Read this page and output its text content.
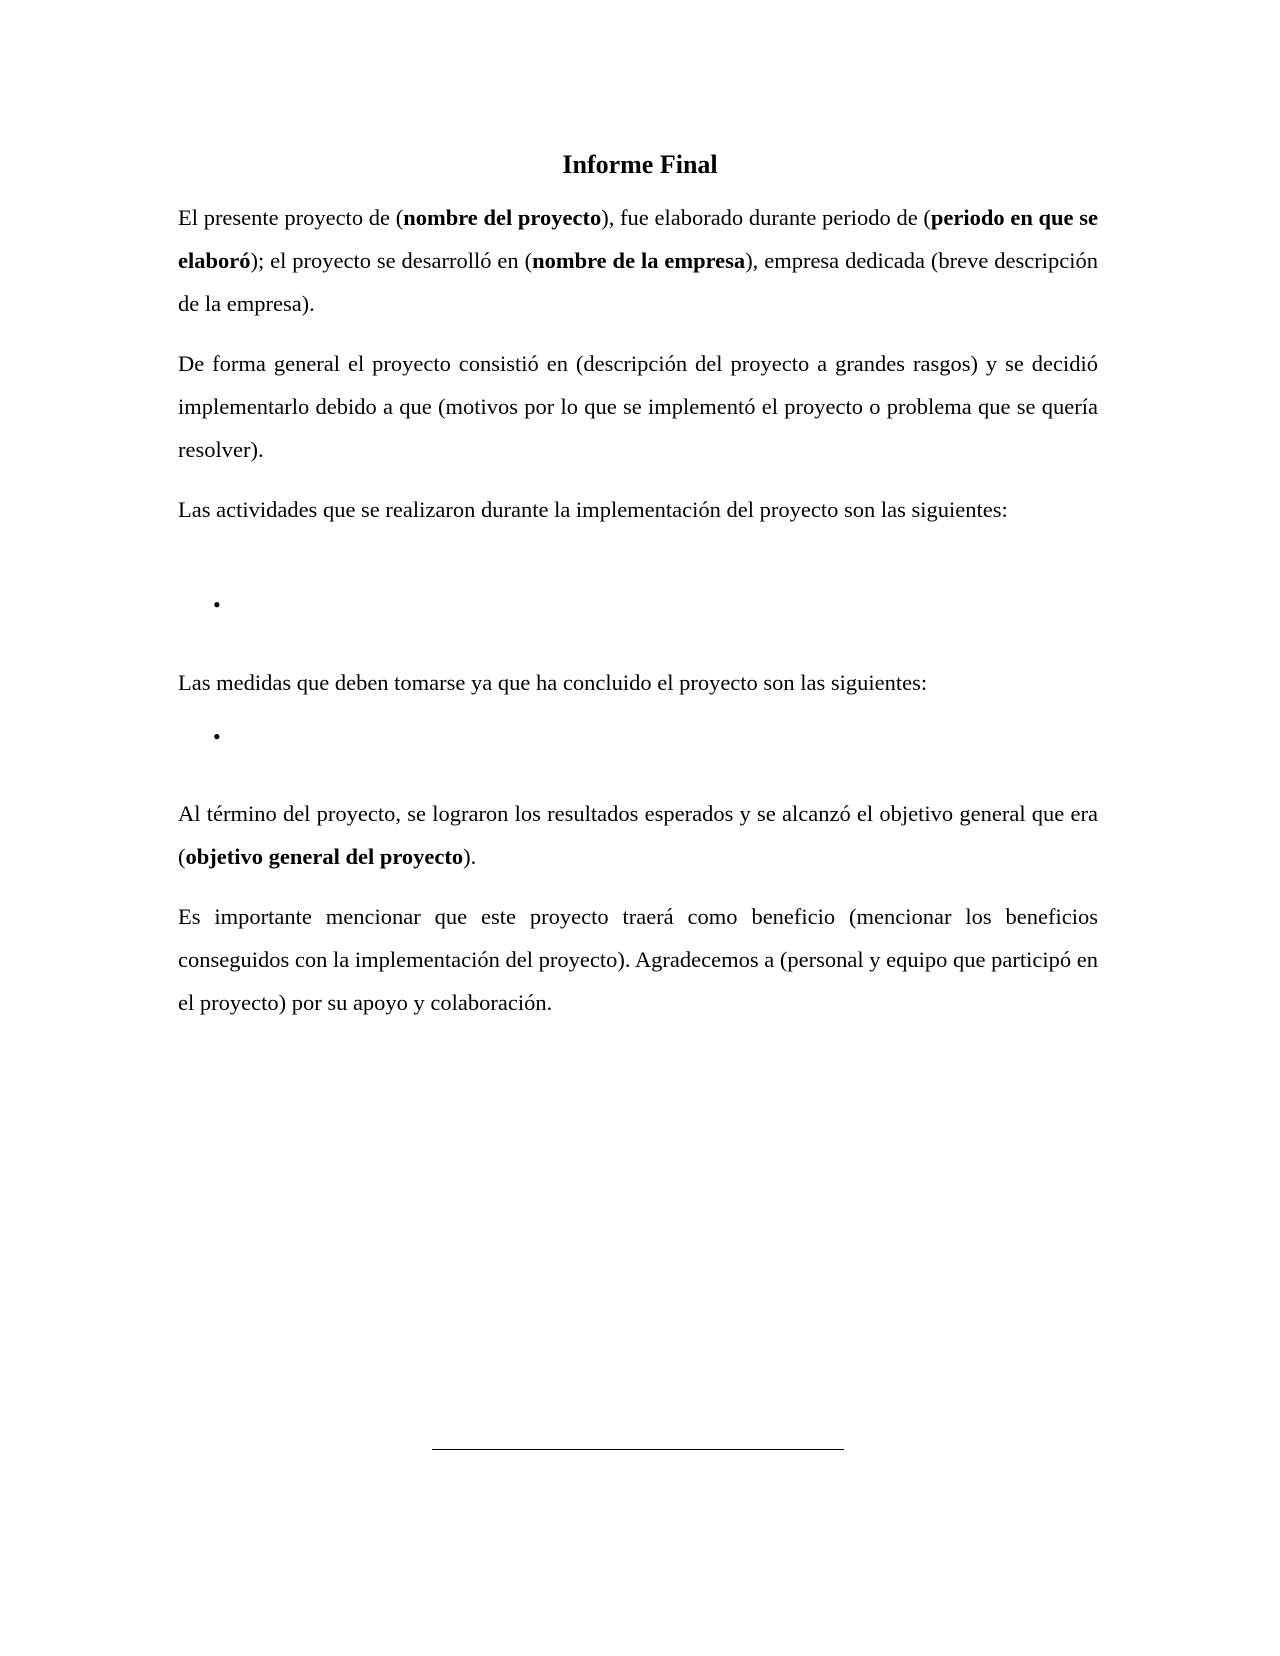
Informe Final

El presente proyecto de (nombre del proyecto), fue elaborado durante periodo de (periodo en que se elaboró); el proyecto se desarrolló en (nombre de la empresa), empresa dedicada (breve descripción de la empresa).

De forma general el proyecto consistió en (descripción del proyecto a grandes rasgos) y se decidió implementarlo debido a que (motivos por lo que se implementó el proyecto o problema que se quería resolver).

Las actividades que se realizaron durante la implementación del proyecto son las siguientes:

•

Las medidas que deben tomarse ya que ha concluido el proyecto son las siguientes:

•

Al término del proyecto, se lograron los resultados esperados y se alcanzó el objetivo general que era (objetivo general del proyecto).

Es importante mencionar que este proyecto traerá como beneficio (mencionar los beneficios conseguidos con la implementación del proyecto). Agradecemos a (personal y equipo que participó en el proyecto) por su apoyo y colaboración.
